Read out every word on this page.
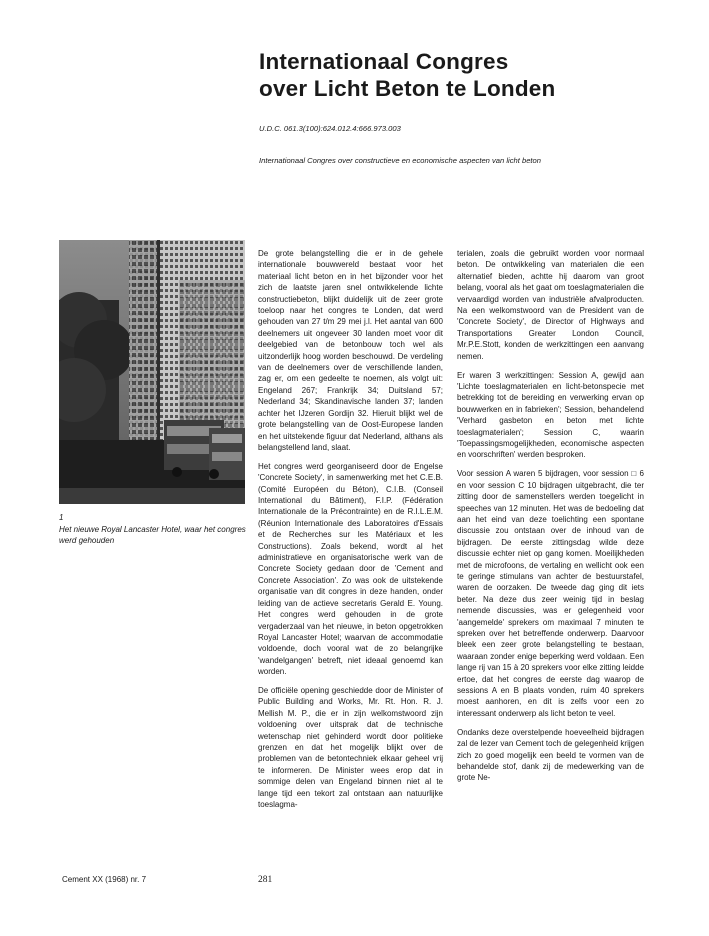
Internationaal Congres
over Licht Beton te Londen
U.D.C. 061.3(100):624.012.4:666.973.003
Internationaal Congres over constructieve en economische aspecten van licht beton
1
Het nieuwe Royal Lancaster Hotel, waar het congres werd gehouden

De grote belangstelling die er in de gehele internationale bouwwereld bestaat voor het materiaal licht beton en in het bijzonder voor het zich de laatste jaren snel ontwikkelende lichte constructiebeton, blijkt duidelijk uit de zeer grote toeloop naar het congres te Londen, dat werd gehouden van 27 t/m 29 mei j.l. Het aantal van 600 deelnemers uit ongeveer 30 landen moet voor dit deelgebied van de betonbouw toch wel als uitzonderlijk hoog worden beschouwd. De verdeling van de deelnemers over de verschillende landen, zag er, om een gedeelte te noemen, als volgt uit: Engeland 267; Frankrijk 34; Duitsland 57; Nederland 34; Skandinavische landen 37; landen achter het IJzeren Gordijn 32. Hieruit blijkt wel de grote belangstelling van de Oost-Europese landen en het uitstekende figuur dat Nederland, althans als belangstellend land, slaat.

Het congres werd georganiseerd door de Engelse 'Concrete Society', in samenwerking met het C.E.B. (Comité Européen du Béton), C.I.B. (Conseil International du Bâtiment), F.I.P. (Fédération Internationale de la Précontrainte) en de R.I.L.E.M. (Réunion Internationale des Laboratoires d'Essais et de Recherches sur les Matériaux et les Constructions). Zoals bekend, wordt al het administratieve en organisatorische werk van de Concrete Society gedaan door de 'Cement and Concrete Association'. Zo was ook de uitstekende organisatie van dit congres in deze handen, onder leiding van de actieve secretaris Gerald E. Young. Het congres werd gehouden in de grote vergaderzaal van het nieuwe, in beton opgetrokken Royal Lancaster Hotel; waarvan de accommodatie voldoende, doch vooral wat de zo belangrijke 'wandelgangen' betreft, niet ideaal genoemd kan worden.

De officiële opening geschiedde door de Minister of Public Building and Works, Mr. Rt. Hon. R. J. Mellish M. P., die er in zijn welkomstwoord zijn voldoening over uitsprak dat de technische wetenschap niet gehinderd wordt door politieke grenzen en dat het mogelijk blijkt over de problemen van de betontechniek elkaar geheel vrij te informeren. De Minister wees erop dat in sommige delen van Engeland binnen niet al te lange tijd een tekort zal ontstaan aan natuurlijke toeslagma-

terialen, zoals die gebruikt worden voor normaal beton. De ontwikkeling van materialen die een alternatief bieden, achtte hij daarom van groot belang, vooral als het gaat om toeslagmaterialen die vervaardigd worden van industriële afvalproducten. Na een welkomstwoord van de President van de 'Concrete Society', de Director of Highways and Transportations Greater London Council, Mr.P.E.Stott, konden de werkzittingen een aanvang nemen.

Er waren 3 werkzittingen: Session A, gewijd aan 'Lichte toeslagmaterialen en licht-betonspecie met betrekking tot de bereiding en verwerking ervan op bouwwerken en in fabrieken'; Session, behandelend 'Verhard gasbeton en beton met lichte toeslagmaterialen'; Session C, waarin 'Toepassingsmogelijkheden, economische aspecten en voorschriften' werden besproken.

Voor session A waren 5 bijdragen, voor session □ 6 en voor session C 10 bijdragen uitgebracht, die ter zitting door de samenstellers werden toegelicht in speeches van 12 minuten. Het was de bedoeling dat aan het eind van deze toelichting een spontane discussie zou ontstaan over de inhoud van de bijdragen. De eerste zittingsdag wilde deze discussie echter niet op gang komen. Moeilijkheden met de microfoons, de vertaling en wellicht ook een te geringe stimulans van achter de bestuurstafel, waren de oorzaken. De tweede dag ging dit iets beter. Na deze dus zeer weinig tijd in beslag nemende discussies, was er gelegenheid voor 'aangemelde' sprekers om maximaal 7 minuten te spreken over het betreffende onderwerp. Daarvoor bleek een zeer grote belangstelling te bestaan, waaraan zonder enige beperking werd voldaan. Een lange rij van 15 à 20 sprekers voor elke zitting leidde ertoe, dat het congres de eerste dag waarop de sessions A en B plaats vonden, ruim 40 sprekers moest aanhoren, en dit is zelfs voor een zo interessant onderwerp als licht beton te veel.

Ondanks deze overstelpende hoeveelheid bijdragen zal de lezer van Cement toch de gelegenheid krijgen zich zo goed mogelijk een beeld te vormen van de behandelde stof, dank zij de medewerking van de grote Ne-

Cement XX (1968) nr. 7	281
